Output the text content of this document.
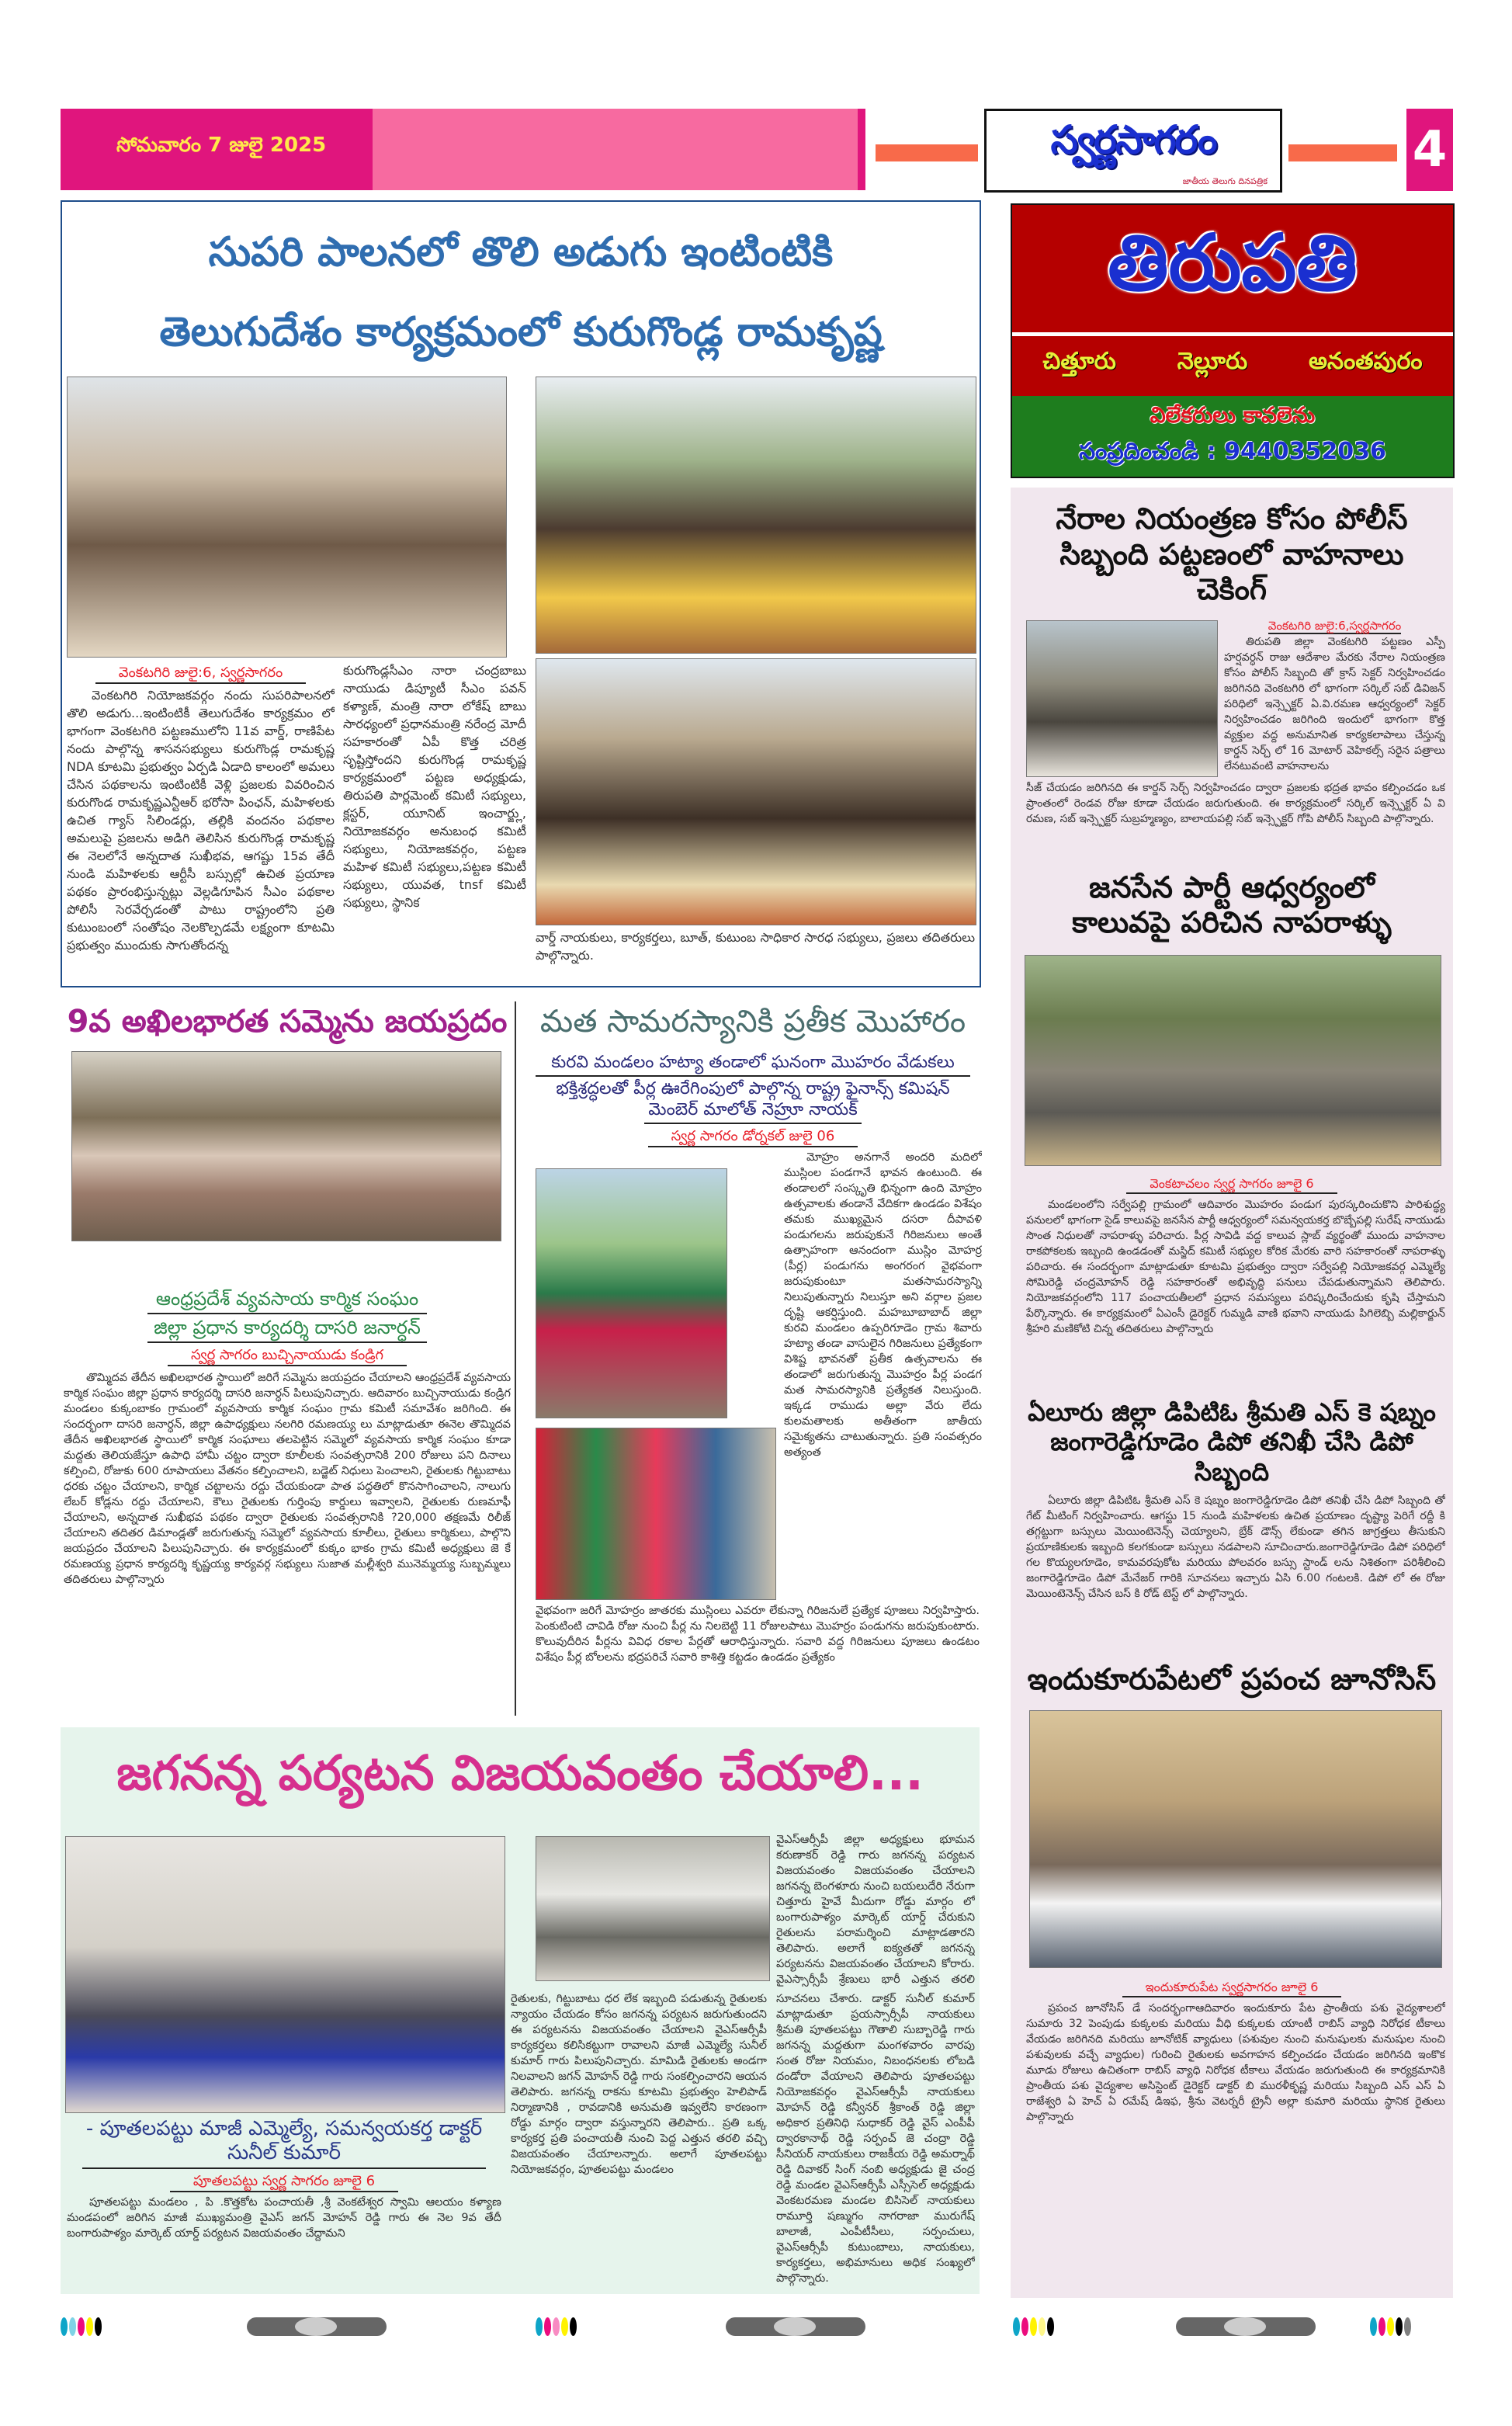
సోమవారం 7 జులై 2025	స్వర్ణసాగరం
జాతీయ తెలుగు దినపత్రిక
4
సుపరి పాలనలో తొలి అడుగు ఇంటింటికి
తెలుగుదేశం కార్యక్రమంలో కురుగొండ్ల రామకృష్ణ
వెంకటగిరి జులై:6, స్వర్ణసాగరం

వెంకటగిరి నియోజకవర్గం నందు సుపరిపాలనలో తొలి అడుగు...ఇంటింటికీ తెలుగుదేశం కార్యక్రమం లో భాగంగా వెంకటగిరి పట్టణములోని 11వ వార్డ్, రాణిపేట నందు పాల్గొన్న శాసనసభ్యులు కురుగొండ్ల రామకృష్ణ NDA కూటమి ప్రభుత్వం ఏర్పడి ఏడాది కాలంలో అమలు చేసిన పథకాలను ఇంటింటికీ వెళ్లి ప్రజలకు వివరించిన కురుగొండ రామకృష్ణఎన్టీఆర్ భరోసా పింఛన్, మహిళలకు ఉచిత గ్యాస్ సిలిండర్లు, తల్లికి వందనం పథకాల అమలుపై ప్రజలను అడిగి తెలిసిన కురుగొండ్ల రామకృష్ణ ఈ నెలలోనే అన్నదాత సుఖీభవ, ఆగష్టు 15వ తేదీ నుండి మహిళలకు ఆర్టీసీ బస్సుల్లో ఉచిత ప్రయాణ పథకం ప్రారంభిస్తున్నట్లు వెల్లడిగూపిన సీఎం పథకాల పోలిసీ సెరవేర్చడంతో పాటు రాష్ట్రంలోని ప్రతి కుటుంబంలో సంతోషం నెలకొల్పడమే లక్ష్యంగా కూటమి ప్రభుత్వం ముందుకు సాగుతోందన్న

కురుగొండ్లసీఎం నారా చంద్రబాబు నాయుడు డిప్యూటీ సీఎం పవన్ కళ్యాణ్, మంత్రి నారా లోకేష్ బాబు సారధ్యంలో ప్రధానమంత్రి నరేంద్ర మోదీ సహకారంతో ఏపీ కొత్త చరిత్ర సృష్టిస్తోందని కురుగొండ్ల రామకృష్ణ కార్యక్రమంలో పట్టణ అధ్యక్షుడు, తిరుపతి పార్లమెంట్ కమిటీ సభ్యులు, క్లస్టర్, యూనిట్ ఇంచార్జ్లు, నియోజకవర్గం అనుబంధ కమిటీ సభ్యులు, నియోజకవర్గం, పట్టణ మహిళ కమిటీ సభ్యులు,పట్టణ కమిటీ సభ్యులు, యువత, tnsf కమిటీ సభ్యులు, స్థానిక

వార్డ్ నాయకులు, కార్యకర్తలు, బూత్, కుటుంబ సాధికార సారధ సభ్యులు, ప్రజలు తదితరులు పాల్గొన్నారు.

తిరుపతి
చిత్తూరు	నెల్లూరు	అనంతపురం
విలేకరులు కావలెను
సంప్రదించండి : 9440352036
నేరాల నియంత్రణ కోసం పోలీస్ సిబ్బంది పట్టణంలో వాహనాలు చెకింగ్
వెంకటగిరి జులై:6,స్వర్ణసాగరం

తిరుపతి జిల్లా వెంకటగిరి పట్టణం ఎస్పీ హర్షవర్ధన్ రాజు ఆదేశాల మేరకు నేరాల నియంత్రణ కోసం పోలీస్ సిబ్బంది తో క్రాస్ సెక్టర్ నిర్వహించడం జరిగినది వెంకటగిరి లో భాగంగా సర్కిల్ సబ్ డివిజన్ పరిధిలో ఇన్స్పెక్టర్ ఏ.వి.రమణ ఆధ్వర్యంలో సెక్టర్ నిర్వహించడం జరిగింది ఇందులో భాగంగా కొత్త వ్యక్తుల వద్ద అనుమానిత కార్యకలాపాలు చేస్తున్న కార్డన్ సెర్చ్ లో 16 మోటార్ వెహికల్స్ సరైన పత్రాలు లేనటువంటి వాహనాలను

సీజ్ చేయడం జరిగినది ఈ కార్డన్ సెర్చ్ నిర్వహించడం ద్వారా ప్రజలకు భద్రత భావం కల్పించడం ఒక ప్రాంతంలో రెండవ రోజు కూడా చేయడం జరుగుతుంది. ఈ కార్యక్రమంలో సర్కిల్ ఇన్స్పెక్టర్ ఏ వి రమణ, సబ్ ఇన్స్పెక్టర్ సుబ్రహ్మణ్యం, బాలాయపల్లి సబ్ ఇన్స్పెక్టర్ గోపి పోలీస్ సిబ్బంది పాల్గొన్నారు.

జనసేన పార్టీ ఆధ్వర్యంలో కాలువపై పరిచిన నాపరాళ్ళు
వెంకటాచలం స్వర్ణ సాగరం జూలై 6

మండలంలోని సర్వేపల్లి గ్రామంలో ఆదివారం మొహరం పండుగ పురస్కరించుకొని పారిశుద్ధ్య పనులలో భాగంగా సైడ్ కాలువపై జనసేన పార్టీ ఆధ్వర్యంలో సమన్వయకర్త బొబ్బేపల్లి సురేష్ నాయుడు సొంత నిధులతో నాపరాళ్ళు పరిచారు. పీర్ల సావిడి వద్ద కాలువ స్లాబ్ వ్యర్థంతో ముందు వాహనాల రాకపోకలకు ఇబ్బంది ఉండడంతో మస్జిద్ కమిటీ సభ్యుల కోరిక మేరకు వారి సహకారంతో నాపరాళ్ళు పరిచారు. ఈ సందర్భంగా మాట్లాడుతూ కూటమి ప్రభుత్వం ద్వారా సర్వేపల్లి నియోజకవర్గ ఎమ్మెల్యే సోమిరెడ్డి చంద్రమోహన్ రెడ్డి సహకారంతో అభివృద్ధి పనులు చేపడుతున్నామని తెలిపారు. నియోజకవర్గంలోని 117 పంచాయతీలలో ప్రధాన సమస్యలు పరిష్కరించేందుకు కృషి చేస్తామని పేర్కొన్నారు. ఈ కార్యక్రమంలో ఏఎంసీ డైరెక్టర్ గుమ్మడి వాణి భవాని నాయుడు పిగిలెబ్బి మల్లికార్జున్ శ్రీహరి మణికోటి చిన్న తదితరులు పాల్గొన్నారు

ఏలూరు జిల్లా డిపిటిఓ శ్రీమతి ఎస్ కె షబ్నం జంగారెడ్డిగూడెం డిపో తనిఖీ చేసి డిపో సిబ్బంది

ఏలూరు జిల్లా డిపిటిఓ శ్రీమతి ఎస్ కె షబ్నం జంగారెడ్డిగూడెం డిపో తనిఖీ చేసి డిపో సిబ్బంది తో గేట్ మీటింగ్ నిర్వహించారు. ఆగస్టు 15 నుండి మహిళలకు ఉచిత ప్రయాణం దృష్ట్యా పెరిగే రద్దీ కి తగ్గట్టుగా బస్సులు మెయింటెనెన్స్ చెయ్యాలని, బ్రేక్ డౌన్స్ లేకుండా తగిన జాగ్రత్తలు తీసుకుని ప్రయాణికులకు ఇబ్బంది కలగకుండా బస్సులు నడపాలని సూచించారు.జంగారెడ్డిగూడెం డిపో పరిధిలో గల కొయ్యలగూడెం, కామవరపుకోట మరియు పోలవరం బస్సు స్టాండ్ లను నిశితంగా పరిశీలించి జంగారెడ్డిగూడెం డిపో మేనేజర్ గారికి సూచనలు ఇచ్చారు ఏసి 6.00 గంటలకి. డిపో లో ఈ రోజు మెయింటెనెన్స్ చేసిన బస్ కి రోడ్ టెస్ట్ లో పాల్గొన్నారు.

ఇందుకూరుపేటలో ప్రపంచ జూనోసిస్
ఇందుకూరుపేట స్వర్ణసాగరం జూలై 6

ప్రపంచ జూనోసిస్ డే సందర్భంగాఆదివారం ఇందుకూరు పేట ప్రాంతీయ పశు వైద్యశాలలో సుమారు 32 పెంపుడు కుక్కలకు మరియు వీధి కుక్కలకు యాంటీ రాబిస్ వ్యాధి నిరోధక టీకాలు వేయడం జరిగినది మరియు జూనోటిక్ వ్యాధులు (పశువుల నుంచి మనుషులకు మనుషుల నుంచి పశువులకు వచ్చే వ్యాధుల) గురించి రైతులకు అవగాహన కల్పించడం చేయడం జరిగినది ఇంకొక మూడు రోజులు ఉచితంగా రాబిస్ వ్యాధి నిరోధక టీకాలు వేయడం జరుగుతుంది ఈ కార్యక్రమానికి ప్రాంతీయ పశు వైద్యశాల అసిస్టెంట్ డైరెక్టర్ డాక్టర్ బి మురళీకృష్ణ మరియు సిబ్బంది ఎస్ ఎస్ ఏ రాజేశ్వరి ఏ హెచ్ ఏ రమేష్ డిఇఫ, శ్రీను వెటర్నరీ ట్రైనీ అల్లా కుమారి మరియు స్థానిక రైతులు పాల్గొన్నారు

9వ అఖిలభారత సమ్మెను జయప్రదం
ఆంధ్రప్రదేశ్ వ్యవసాయ కార్మిక సంఘం
జిల్లా ప్రధాన కార్యదర్శి దాసరి జనార్ధన్
స్వర్ణ సాగరం బుచ్చినాయుడు కండ్రిగ

తొమ్మిదవ తేదీన అఖిలభారత స్థాయిలో జరిగే సమ్మెను జయప్రదం చేయాలని ఆంధ్రప్రదేశ్ వ్యవసాయ కార్మిక సంఘం జిల్లా ప్రధాన కార్యదర్శి దాసరి జనార్ధన్ పిలుపునిచ్చారు. ఆదివారం బుచ్చినాయుడు కండ్రిగ మండలం కుక్కంబాకం గ్రామంలో వ్యవసాయ కార్మిక సంఘం గ్రామ కమిటీ సమావేశం జరిగింది. ఈ సందర్భంగా దాసరి జనార్ధన్, జిల్లా ఉపాధ్యక్షులు నలగిరి రమణయ్య లు మాట్లాడుతూ ఈనెల తొమ్మిదవ తేదీన అఖిలభారత స్థాయిలో కార్మిక సంఘాలు తలపెట్టిన సమ్మెలో వ్యవసాయ కార్మిక సంఘం కూడా మద్దతు తెలియజేస్తూ ఉపాధి హామీ చట్టం ద్వారా కూలీలకు సంవత్సరానికి 200 రోజులు పని దినాలు కల్పించి, రోజుకు 600 రూపాయలు వేతనం కల్పించాలని, బడ్జెట్ నిధులు పెంచాలని, రైతులకు గిట్టుబాటు ధరకు చట్టం చేయాలని, కార్మిక చట్టాలను రద్దు చేయకుండా పాత పద్ధతిలో కొనసాగించాలని, నాలుగు లేబర్ కోడ్లను రద్దు చేయాలని, కౌలు రైతులకు గుర్తింపు కార్డులు ఇవ్వాలని, రైతులకు రుణమాఫీ చేయాలని, అన్నదాత సుఖీభవ పథకం ద్వారా రైతులకు సంవత్సరానికి ?20,000 తక్షణమే రిలీజ్ చేయాలని తదితర డిమాండ్లతో జరుగుతున్న సమ్మెలో వ్యవసాయ కూలీలు, రైతులు కార్మికులు, పాల్గొని జయప్రదం చేయాలని పిలుపునిచ్చారు. ఈ కార్యక్రమంలో కుక్కం భాకం గ్రామ కమిటీ అధ్యక్షులు జె కే రమణయ్య ప్రధాన కార్యదర్శి కృష్ణయ్య కార్యవర్గ సభ్యులు సుజాత మల్లీశ్వరి మునెమ్మయ్య సుబ్బమ్మలు తదితరులు పాల్గొన్నారు

మత సామరస్యానికి ప్రతీక మొహారం
కురవి మండలం హట్యా తండాలో ఘనంగా మొహరం వేడుకలు
భక్తిశ్రద్ధలతో పీర్ల ఊరేగింపులో పాల్గొన్న రాష్ట్ర ఫైనాన్స్ కమిషన్ మెంబెర్ మాలోత్ నెహ్రూ నాయక్
స్వర్ణ సాగరం డోర్నకల్ జులై 06

మోహ్రం అనగానే అందరి మదిలో ముస్లింల పండగానే భావన ఉంటుంది. ఈ తండాలలో సంస్కృతి భిన్నంగా ఉంది మోహ్రం ఉత్సవాలకు తండానే వేదికగా ఉండడం విశేషం తమకు ముఖ్యమైన దసరా దీపావళి పండుగలను జరుపుకునే గిరిజనులు అంతే ఉత్సాహంగా ఆనందంగా ముస్లిం మోహర్ర (పీర్ల) పండుగను అంగరంగ వైభవంగా జరుపుకుంటూ మతసామరస్యాన్ని నిలుపుతున్నారు నిలుస్తూ అని వర్గాల ప్రజల దృష్టి ఆకర్షిస్తుంది. మహబూబాబాద్ జిల్లా కురవి మండలం ఉప్పరిగూడెం గ్రామ శివారు హట్యా తండా వాసులైన గిరిజనులు ప్రత్యేకంగా విశిష్ట భావనతో ప్రతీక ఉత్సవాలను ఈ తండాలో జరుగుతున్న మొహర్రం పీర్ల పండగ మత సామరస్యానికి ప్రత్యేకత నిలుస్తుంది. ఇక్కడ రాముడు అల్లా వేరు లేదు కులమతాలకు అతీతంగా జాతీయ సమైక్యతను చాటుతున్నారు. ప్రతి సంవత్సరం అత్యంత

వైభవంగా జరిగే మోహర్రం జాతరకు ముస్లింలు ఎవరూ లేకున్నా గిరిజనులే ప్రత్యేక పూజలు నిర్వహిస్తారు. పెంకుటింటి చావిడి రోజు నుంచి పీర్ల ను నిలబెట్టి 11 రోజులపాటు మొహర్రం పండుగను జరుపుకుంటారు. కొలువుదీరిన పీర్లను వివిధ రకాల పేర్లతో ఆరాధిస్తున్నారు. సవారి వద్ద గిరిజనులు పూజలు ఉండటం విశేషం పీర్ల బోలలను భద్రపరిచే సవారి కాశిత్తి కట్టడం ఉండడం ప్రత్యేకం

జగనన్న పర్యటన విజయవంతం చేయాలి...
- పూతలపట్టు మాజీ ఎమ్మెల్యే, సమన్వయకర్త డాక్టర్ సునీల్ కుమార్
పూతలపట్టు స్వర్ణ సాగరం జూలై 6

పూతలపట్టు మండలం , పి .కొత్తకోట పంచాయతీ ,శ్రీ వెంకటేశ్వర స్వామి ఆలయం కళ్యాణ మండపంలో జరిగిన మాజీ ముఖ్యమంత్రి వైఎస్ జగన్ మోహన్ రెడ్డి గారు ఈ నెల 9వ తేదీ బంగారుపాళ్యం మార్కెట్ యార్డ్ పర్యటన విజయవంతం చేద్దామని

వైఎస్ఆర్సీపీ జిల్లా అధ్యక్షులు భూమన కరుణాకర్ రెడ్డి గారు జగనన్న పర్యటన విజయవంతం విజయవంతం చేయాలని జగనన్న బెంగళూరు నుంచి బయలుదేరి నేరుగా చిత్తూరు హైవే మీదుగా రోడ్డు మార్గం లో బంగారుపాళ్యం మార్కెట్ యార్డ్ చేరుకుని రైతులను పరామర్శించి మాట్లాడతారని తెలిపారు. అలాగే ఐక్యతతో జగనన్న పర్యటనను విజయవంతం చేయాలని కోరారు. వైఎస్సార్సీపీ శ్రేణులు భారీ ఎత్తున తరలి

రైతులకు, గిట్టుబాటు ధర లేక ఇబ్బంది పడుతున్న రైతులకు న్యాయం చేయడం కోసం జగనన్న పర్యటన జరుగుతుందని ఈ పర్యటనను విజయవంతం చేయాలని వైఎస్ఆర్సీపీ కార్యకర్తలు కలిసికట్టుగా రావాలని మాజీ ఎమ్మెల్యే సునీల్ కుమార్ గారు పిలుపునిచ్చారు. మామిడి రైతులకు అండగా నిలవాలని జగన్ మోహన్ రెడ్డి గారు సంకల్పించారని ఆయన తెలిపారు. జగనన్న రాకను కూటమి ప్రభుత్వం హెలిపాడ్ నిర్మాణానికి , రావడానికి అనుమతి ఇవ్వలేని కారణంగా రోడ్డు మార్గం ద్వారా వస్తున్నారని తెలిపారు.. ప్రతి ఒక్క కార్యకర్త ప్రతి పంచాయతీ నుంచి పెద్ద ఎత్తున తరలి వచ్చి విజయవంతం చేయాలన్నారు. అలాగే పూతలపట్టు నియోజకవర్గం, పూతలపట్టు మండలం

సూచనలు చేశారు. డాక్టర్ సునీల్ కుమార్ మాట్లాడుతూ ప్రయస్సార్సీపీ నాయకులు శ్రీమతి పూతలపట్టు గౌతాలి సుబ్బారెడ్డి గారు జగనన్న మద్దతుగా మంగళవారం వారపు సంత రోజు నియమం, నిబంధనలకు లోబడి దండోరా వేయాలని తెలిపారు పూతలపట్టు నియోజకవర్గం వైఎస్ఆర్సీపీ నాయకులు మోహన్ రెడ్డి కన్వీనర్ శ్రీకాంత్ రెడ్డి జిల్లా అధికార ప్రతినిధి సుధాకర్ రెడ్డి వైస్ ఎంపీపీ ద్వారకానాథ్ రెడ్డి సర్పంచ్ జె చంద్రా రెడ్డి సీనియర్ నాయకులు రాజకీయ రెడ్డి అమర్నాథ్ రెడ్డి దివాకర్ సింగ్ నంబి అధ్యక్షుడు జై చంద్ర రెడ్డి మండల వైఎస్ఆర్సీపీ ఎస్సీసెల్ అధ్యక్షుడు వెంకటరమణ మండల బిసిసెల్ నాయకులు రామూర్తి షణ్ముగం నాగరాజా మురుగేష్ బాలాజీ, ఎంపీటీసీలు, సర్పంచులు, వైఎస్ఆర్సీపీ కుటుంబాలు, నాయకులు, కార్యకర్తలు, అభిమానులు అధిక సంఖ్యలో పాల్గొన్నారు.
